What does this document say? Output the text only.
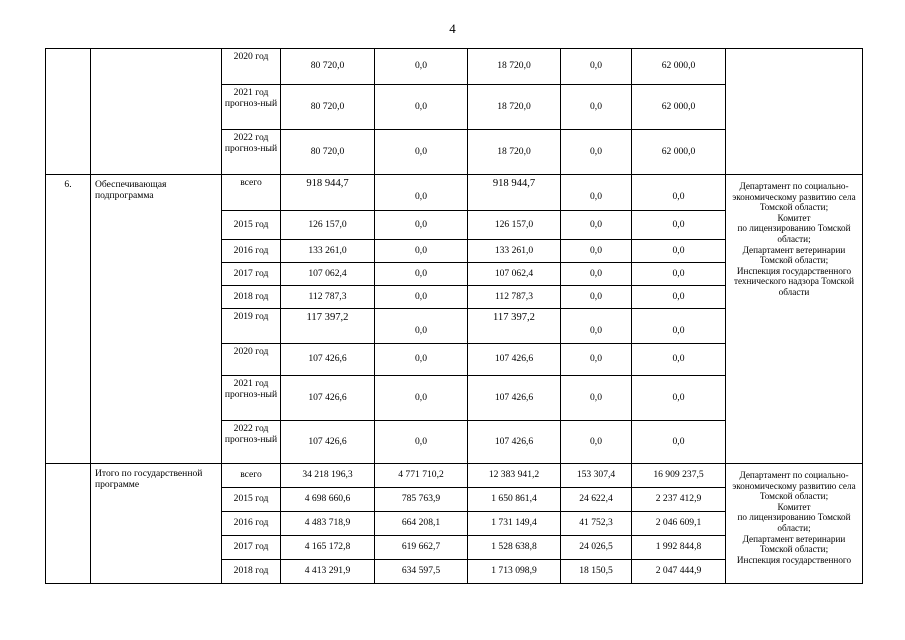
4
		2020 год	80 720,0	0,0	18 720,0	0,0	62 000,0	
		2021 год прогноз-ный	80 720,0	0,0	18 720,0	0,0	62 000,0	
		2022 год прогноз-ный	80 720,0	0,0	18 720,0	0,0	62 000,0	
6.	Обеспечивающая подпрограмма	всего	918 944,7	0,0	918 944,7	0,0	0,0	Департамент по социально-экономическому развитию села Томской области;
Комитет
по лицензированию Томской области;
Департамент ветеринарии Томской области;
Инспекция государственного технического надзора Томской области

		2015 год	126 157,0	0,0	126 157,0	0,0	0,0	
		2016 год	133 261,0	0,0	133 261,0	0,0	0,0	
		2017 год	107 062,4	0,0	107 062,4	0,0	0,0	
		2018 год	112 787,3	0,0	112 787,3	0,0	0,0	
		2019 год	117 397,2	0,0	117 397,2	0,0	0,0	
		2020 год	107 426,6	0,0	107 426,6	0,0	0,0	
		2021 год прогноз-ный	107 426,6	0,0	107 426,6	0,0	0,0	
		2022 год прогноз-ный	107 426,6	0,0	107 426,6	0,0	0,0	
	Итого по государственной программе	всего	34 218 196,3	4 771 710,2	12 383 941,2	153 307,4	16 909 237,5	Департамент по социально-экономическому развитию села Томской области;
Комитет
по лицензированию Томской области;
Департамент ветеринарии Томской области;
Инспекция государственного

		2015 год	4 698 660,6	785 763,9	1 650 861,4	24 622,4	2 237 412,9	
		2016 год	4 483 718,9	664 208,1	1 731 149,4	41 752,3	2 046 609,1	
		2017 год	4 165 172,8	619 662,7	1 528 638,8	24 026,5	1 992 844,8	
		2018 год	4 413 291,9	634 597,5	1 713 098,9	18 150,5	2 047 444,9	
